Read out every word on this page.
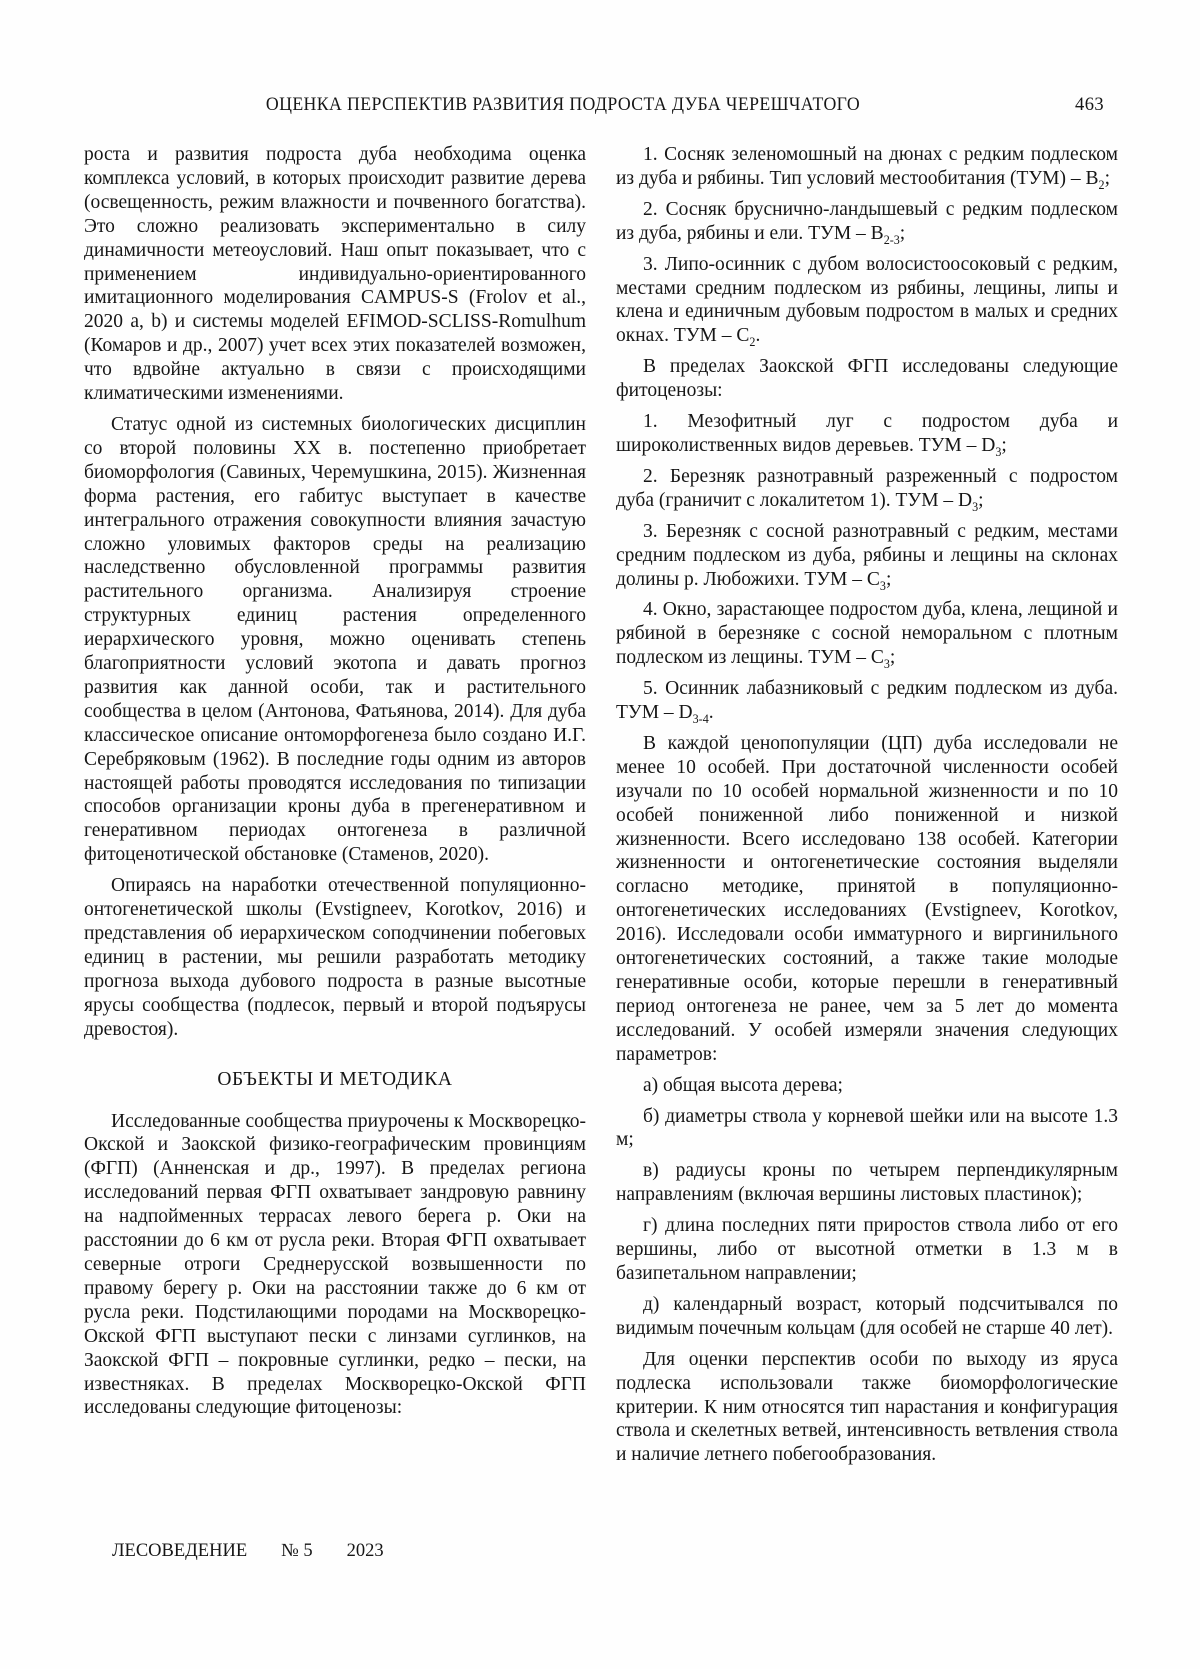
ОЦЕНКА ПЕРСПЕКТИВ РАЗВИТИЯ ПОДРОСТА ДУБА ЧЕРЕШЧАТОГО	463

роста и развития подроста дуба необходима оценка комплекса условий, в которых происходит развитие дерева (освещенность, режим влажности и почвенного богатства). Это сложно реализовать экспериментально в силу динамичности метеоусловий. Наш опыт показывает, что с применением индивидуально-ориентированного имитационного моделирования CAMPUS-S (Frolov et al., 2020 a, b) и системы моделей EFIMOD-SCLISS-Romulhum (Комаров и др., 2007) учет всех этих показателей возможен, что вдвойне актуально в связи с происходящими климатическими изменениями.

Статус одной из системных биологических дисциплин со второй половины XX в. постепенно приобретает биоморфология (Савиных, Черемушкина, 2015). Жизненная форма растения, его габитус выступает в качестве интегрального отражения совокупности влияния зачастую сложно уловимых факторов среды на реализацию наследственно обусловленной программы развития растительного организма. Анализируя строение структурных единиц растения определенного иерархического уровня, можно оценивать степень благоприятности условий экотопа и давать прогноз развития как данной особи, так и растительного сообщества в целом (Антонова, Фатьянова, 2014). Для дуба классическое описание онтоморфогенеза было создано И.Г. Серебряковым (1962). В последние годы одним из авторов настоящей работы проводятся исследования по типизации способов организации кроны дуба в прегенеративном и генеративном периодах онтогенеза в различной фитоценотической обстановке (Стаменов, 2020).

Опираясь на наработки отечественной популяционно-онтогенетической школы (Evstigneev, Korotkov, 2016) и представления об иерархическом соподчинении побеговых единиц в растении, мы решили разработать методику прогноза выхода дубового подроста в разные высотные ярусы сообщества (подлесок, первый и второй подъярусы древостоя).

ОБЪЕКТЫ И МЕТОДИКА

Исследованные сообщества приурочены к Москворецко-Окской и Заокской физико-географическим провинциям (ФГП) (Анненская и др., 1997). В пределах региона исследований первая ФГП охватывает зандровую равнину на надпойменных террасах левого берега р. Оки на расстоянии до 6 км от русла реки. Вторая ФГП охватывает северные отроги Среднерусской возвышенности по правому берегу р. Оки на расстоянии также до 6 км от русла реки. Подстилающими породами на Москворецко-Окской ФГП выступают пески с линзами суглинков, на Заокской ФГП – покровные суглинки, редко – пески, на известняках. В пределах Москворецко-Окской ФГП исследованы следующие фитоценозы:

1. Сосняк зеленомошный на дюнах с редким подлеском из дуба и рябины. Тип условий местообитания $(ТУМ) - В_2$;

2. Сосняк бруснично-ландышевый с редким подлеском из дуба, рябины и ели. ТУМ – $В_{2-3}$;

3. Липо-осинник с дубом волосистоосоковый с редким, местами средним подлеском из рябины, лещины, липы и клена и единичным дубовым подростом в малых и средних окнах. ТУМ – $С_2$.

В пределах Заокской ФГП исследованы следующие фитоценозы:

1. Мезофитный луг с подростом дуба и широколиственных видов деревьев. ТУМ – $D_3$;

2. Березняк разнотравный разреженный с подростом дуба (граничит с локалитетом 1). ТУМ – $D_3$;

3. Березняк с сосной разнотравный с редким, местами средним подлеском из дуба, рябины и лещины на склонах долины р. Любожихи. ТУМ – $С_3$;

4. Окно, зарастающее подростом дуба, клена, лещиной и рябиной в березняке с сосной неморальном с плотным подлеском из лещины. ТУМ – $С_3$;

5. Осинник лабазниковый с редким подлеском из дуба. ТУМ – $D_{3-4}$.

В каждой ценопопуляции (ЦП) дуба исследовали не менее 10 особей. При достаточной численности особей изучали по 10 особей нормальной жизненности и по 10 особей пониженной либо пониженной и низкой жизненности. Всего исследовано 138 особей. Категории жизненности и онтогенетические состояния выделяли согласно методике, принятой в популяционно-онтогенетических исследованиях (Evstigneev, Korotkov, 2016). Исследовали особи имматурного и виргинильного онтогенетических состояний, а также такие молодые генеративные особи, которые перешли в генеративный период онтогенеза не ранее, чем за 5 лет до момента исследований. У особей измеряли значения следующих параметров:

а) общая высота дерева;

б) диаметры ствола у корневой шейки или на высоте 1.3 м;

в) радиусы кроны по четырем перпендикулярным направлениям (включая вершины листовых пластинок);

г) длина последних пяти приростов ствола либо от его вершины, либо от высотной отметки в 1.3 м в базипетальном направлении;

д) календарный возраст, который подсчитывался по видимым почечным кольцам (для особей не старше 40 лет).

Для оценки перспектив особи по выходу из яруса подлеска использовали также биоморфологические критерии. К ним относятся тип нарастания и конфигурация ствола и скелетных ветвей, интенсивность ветвления ствола и наличие летнего побегообразования.

ЛЕСОВЕДЕНИЕ № 5 2023
